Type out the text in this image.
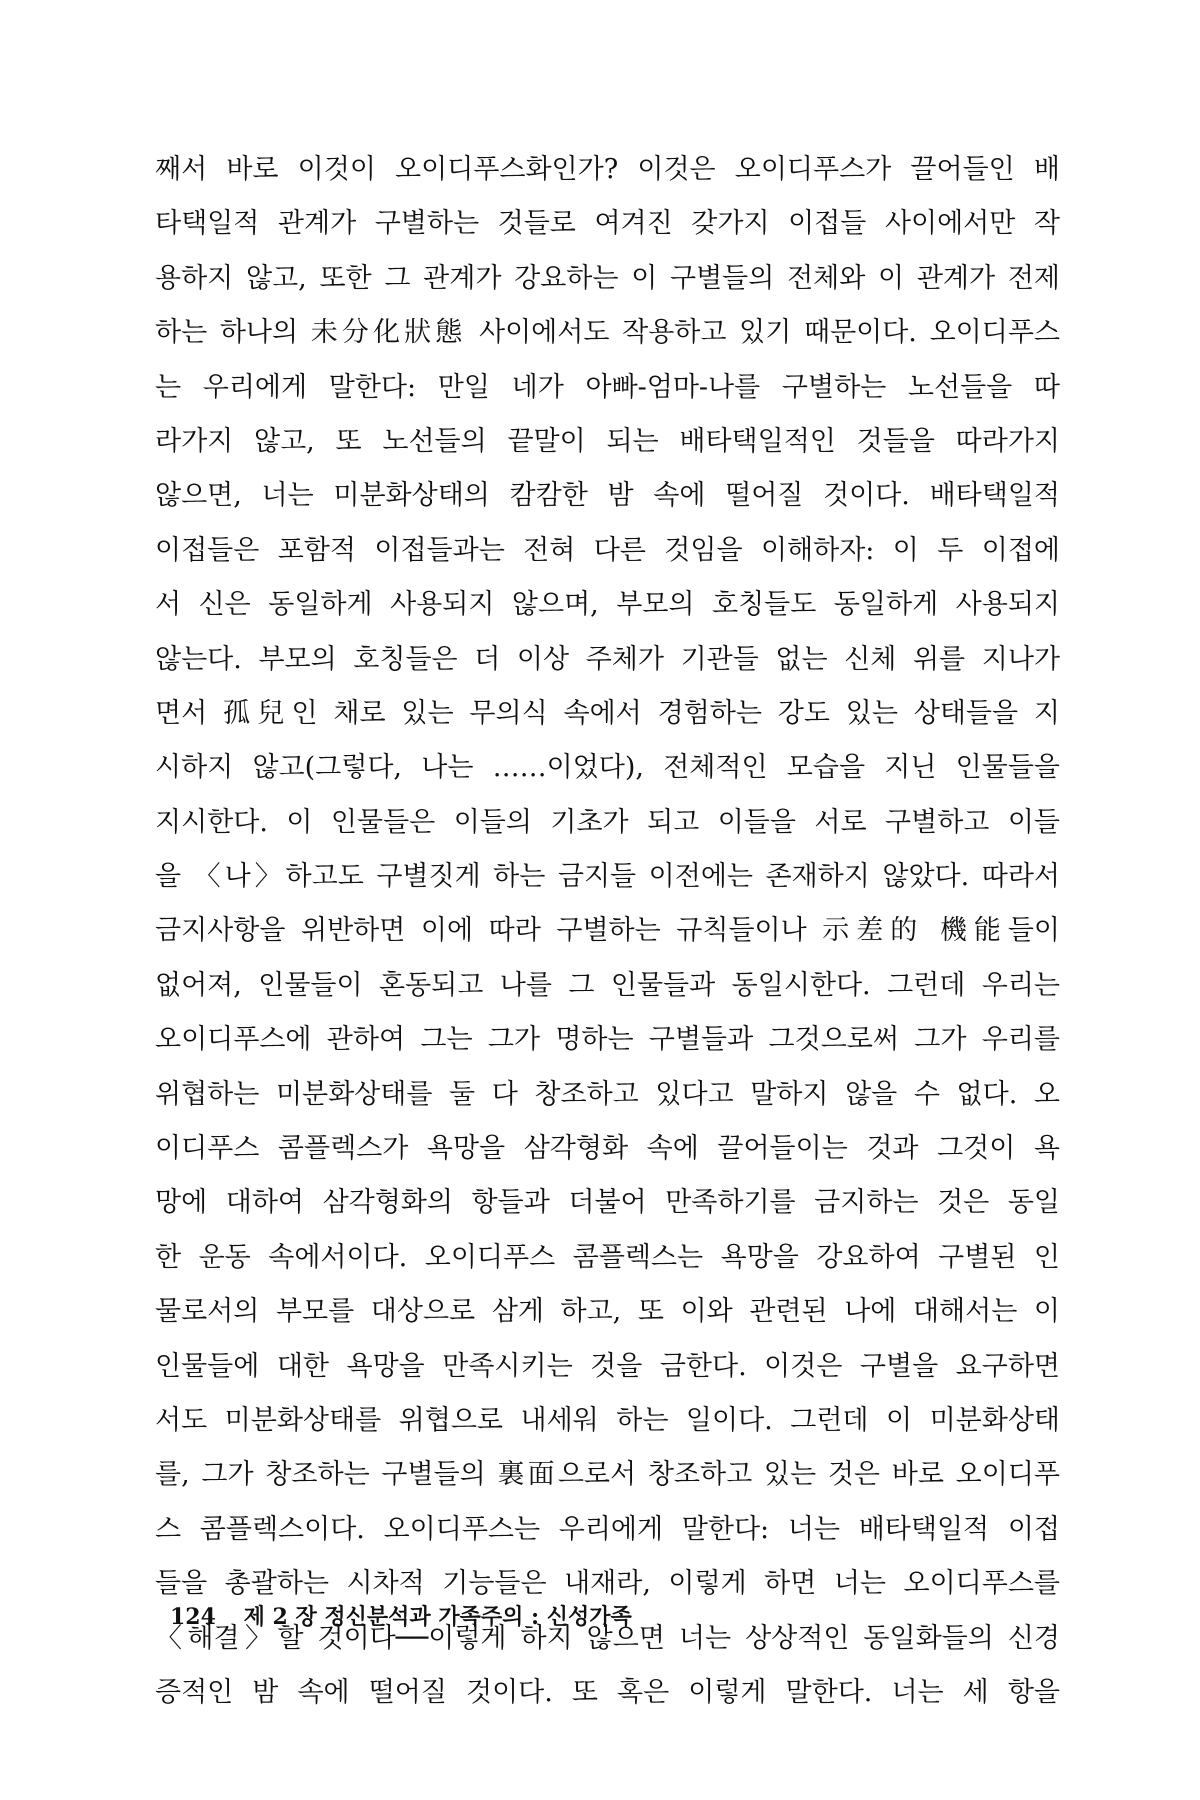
째서 바로 이것이 오이디푸스화인가? 이것은 오이디푸스가 끌어들인 배
타택일적 관계가 구별하는 것들로 여겨진 갖가지 이접들 사이에서만 작
용하지 않고, 또한 그 관계가 강요하는 이 구별들의 전체와 이 관계가 전제
하는 하나의 未分化狀態 사이에서도 작용하고 있기 때문이다. 오이디푸스
는 우리에게 말한다: 만일 네가 아빠-엄마-나를 구별하는 노선들을 따
라가지 않고, 또 노선들의 끝말이 되는 배타택일적인 것들을 따라가지
않으면, 너는 미분화상태의 캄캄한 밤 속에 떨어질 것이다. 배타택일적
이접들은 포함적 이접들과는 전혀 다른 것임을 이해하자: 이 두 이접에
서 신은 동일하게 사용되지 않으며, 부모의 호칭들도 동일하게 사용되지
않는다. 부모의 호칭들은 더 이상 주체가 기관들 없는 신체 위를 지나가
면서 孤兒인 채로 있는 무의식 속에서 경험하는 강도 있는 상태들을 지
시하지 않고(그렇다, 나는 ……이었다), 전체적인 모습을 지닌 인물들을
지시한다. 이 인물들은 이들의 기초가 되고 이들을 서로 구별하고 이들
을 〈나〉하고도 구별짓게 하는 금지들 이전에는 존재하지 않았다. 따라서
금지사항을 위반하면 이에 따라 구별하는 규칙들이나 示差的 機能들이
없어져, 인물들이 혼동되고 나를 그 인물들과 동일시한다. 그런데 우리는
오이디푸스에 관하여 그는 그가 명하는 구별들과 그것으로써 그가 우리를
위협하는 미분화상태를 둘 다 창조하고 있다고 말하지 않을 수 없다. 오
이디푸스 콤플렉스가 욕망을 삼각형화 속에 끌어들이는 것과 그것이 욕
망에 대하여 삼각형화의 항들과 더불어 만족하기를 금지하는 것은 동일
한 운동 속에서이다. 오이디푸스 콤플렉스는 욕망을 강요하여 구별된 인
물로서의 부모를 대상으로 삼게 하고, 또 이와 관련된 나에 대해서는 이
인물들에 대한 욕망을 만족시키는 것을 금한다. 이것은 구별을 요구하면
서도 미분화상태를 위협으로 내세워 하는 일이다. 그런데 이 미분화상태
를, 그가 창조하는 구별들의 裏面으로서 창조하고 있는 것은 바로 오이디푸
스 콤플렉스이다. 오이디푸스는 우리에게 말한다: 너는 배타택일적 이접
들을 총괄하는 시차적 기능들은 내재라, 이렇게 하면 너는 오이디푸스를
〈해결〉할 것이다──이렇게 하지 않으면 너는 상상적인 동일화들의 신경
증적인 밤 속에 떨어질 것이다. 또 혹은 이렇게 말한다. 너는 세 항을
124 제 2 장 정신분석과 가족주의 : 신성가족
